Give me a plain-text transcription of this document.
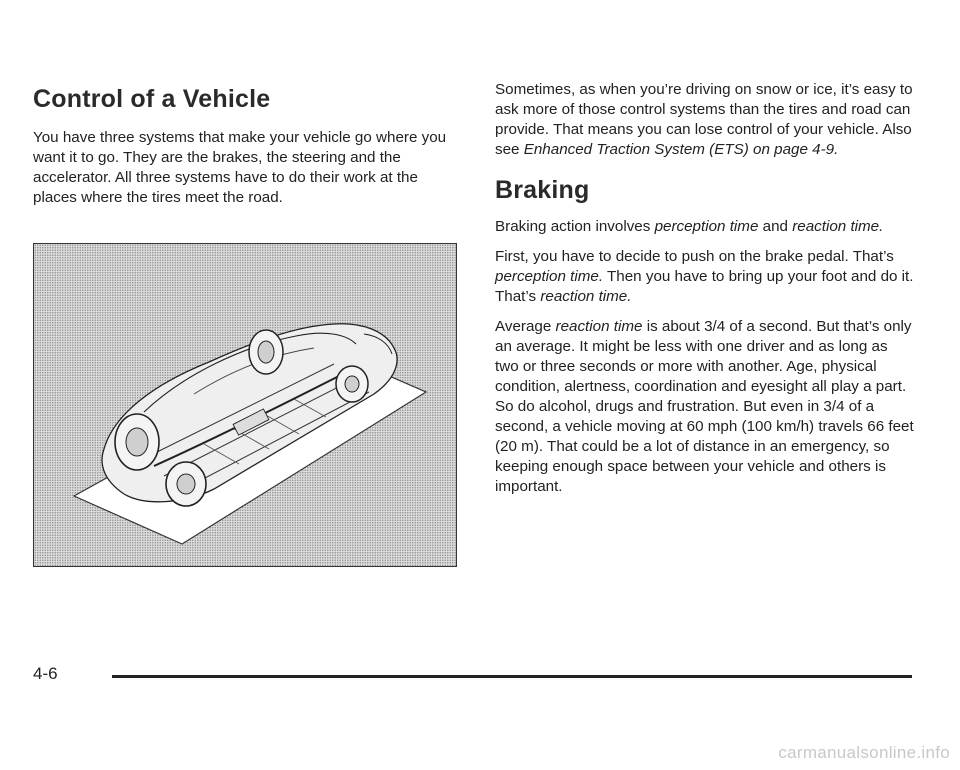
Control of a Vehicle

You have three systems that make your vehicle go where you want it to go. They are the brakes, the steering and the accelerator. All three systems have to do their work at the places where the tires meet the road.

Sometimes, as when you’re driving on snow or ice, it’s easy to ask more of those control systems than the tires and road can provide. That means you can lose control of your vehicle. Also see Enhanced Traction System (ETS) on page 4-9.

Braking

Braking action involves perception time and reaction time.

First, you have to decide to push on the brake pedal. That’s perception time. Then you have to bring up your foot and do it. That’s reaction time.

Average reaction time is about 3/4 of a second. But that’s only an average. It might be less with one driver and as long as two or three seconds or more with another. Age, physical condition, alertness, coordination and eyesight all play a part. So do alcohol, drugs and frustration. But even in 3/4 of a second, a vehicle moving at 60 mph (100 km/h) travels 66 feet (20 m). That could be a lot of distance in an emergency, so keeping enough space between your vehicle and others is important.

4-6
carmanualsonline.info
